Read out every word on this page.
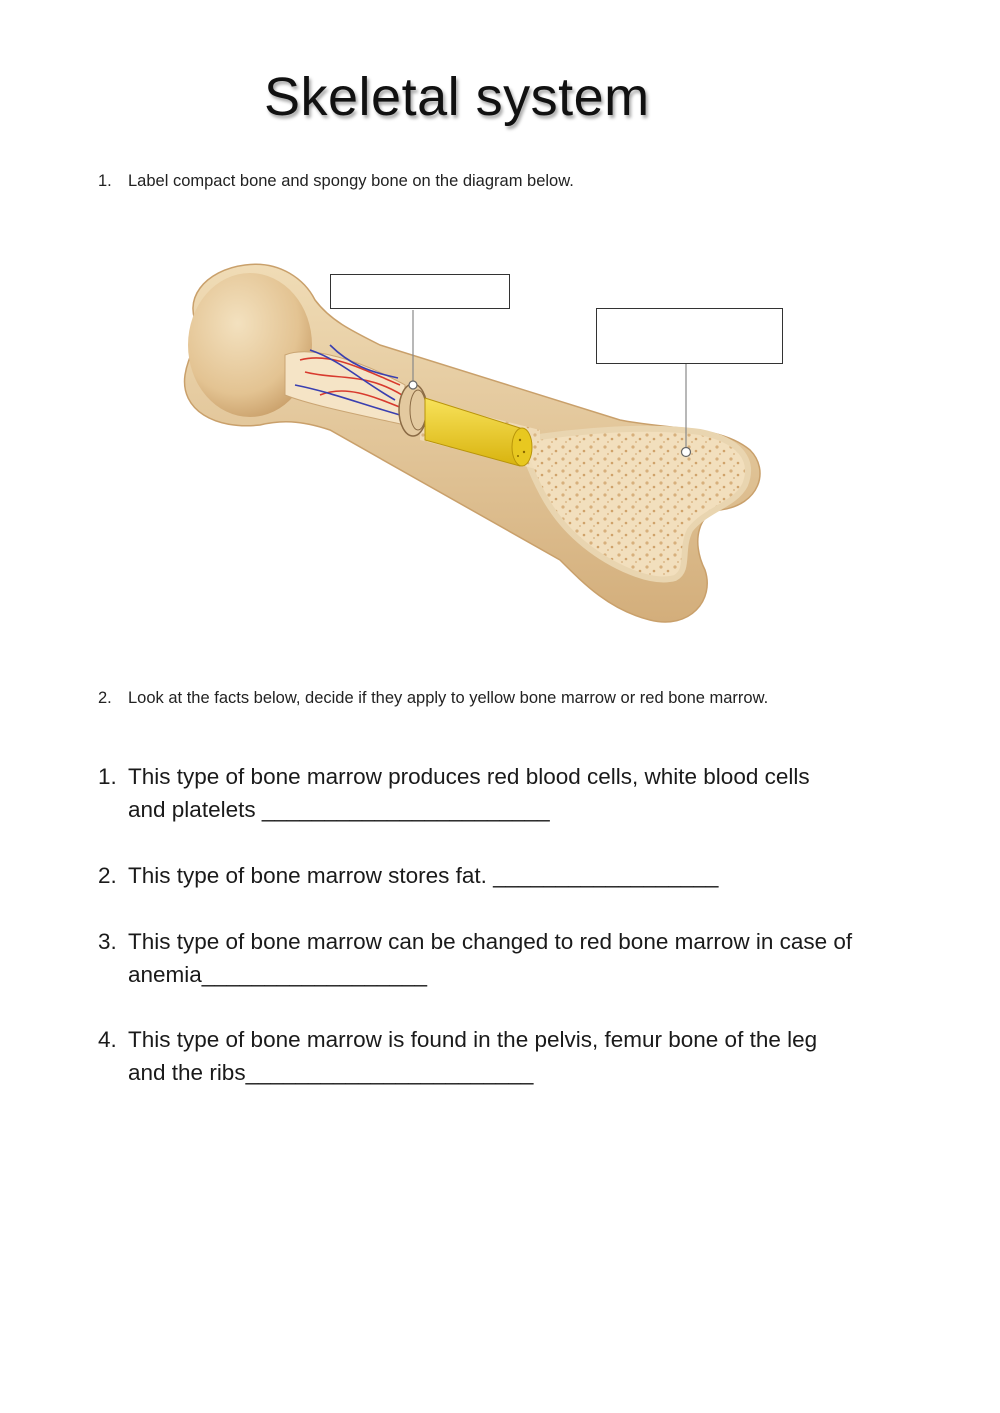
Skeletal system
1. Label compact bone and spongy bone on the diagram below.
2. Look at the facts below, decide if they apply to yellow bone marrow or red bone marrow.
1. This type of bone marrow produces red blood cells, white blood cells
and platelets _______________________
2. This type of bone marrow stores fat. __________________
3. This type of bone marrow can be changed to red bone marrow in case of
anemia__________________
4. This type of bone marrow is found in the pelvis, femur bone of the leg
and the ribs_______________________
